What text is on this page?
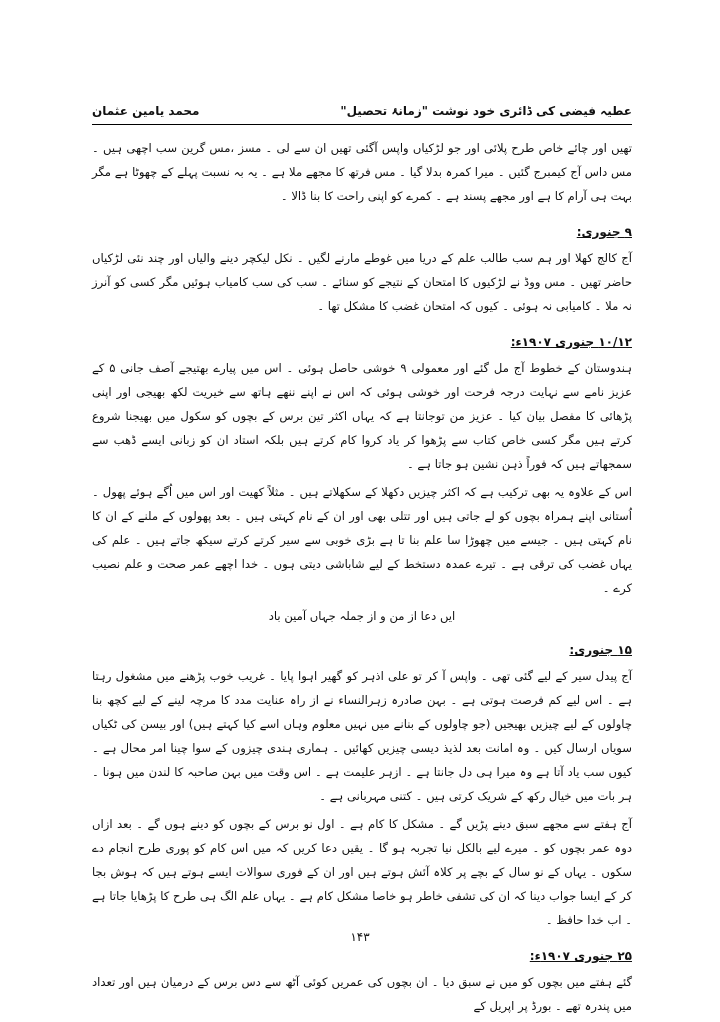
عطیہ فیضی کی ڈائری خود نوشت "زمانۂ تحصیل"
محمد یامین عثمان

تھیں اور چائے خاص طرح پلائی اور جو لڑکیاں واپس آگئی تھیں ان سے لی ۔ مسز ،مس گرین سب اچھی ہیں ۔ مس داس آج کیمبرج گئیں ۔ میرا کمرہ بدلا گیا ۔ مس فرتھ کا مجھے ملا ہے ۔ یہ بہ نسبت پہلے کے چھوٹا ہے مگر بہت ہی آرام کا ہے اور مجھے پسند ہے ۔ کمرے کو اپنی راحت کا بنا ڈالا ۔

۹ جنوری:

آج کالج کھلا اور ہم سب طالب علم کے دریا میں غوطے مارنے لگیں ۔ نکل لیکچر دینے والیاں اور چند نئی لڑکیاں حاضر تھیں ۔ مس ووڈ نے لڑکیوں کا امتحان کے نتیجے کو سنائے ۔ سب کی سب کامیاب ہوئیں مگر کسی کو آنرز نہ ملا ۔ کامیابی نہ ہوئی ۔ کیوں کہ امتحان غضب کا مشکل تھا ۔

۱۰/۱۲ جنوری ۱۹۰۷ء:

ہندوستان کے خطوط آج مل گئے اور معمولی ۹ خوشی حاصل ہوئی ۔ اس میں پیارے بھتیجے آصف جانی ۵ کے عزیز نامے سے نہایت درجہ فرحت اور خوشی ہوئی کہ اس نے اپنے ننھے ہاتھ سے خیریت لکھ بھیجی اور اپنی پڑھائی کا مفصل بیان کیا ۔ عزیز من توجانتا ہے کہ یہاں اکثر تین برس کے بچوں کو سکول میں بھیجنا شروع کرتے ہیں مگر کسی خاص کتاب سے پڑھوا کر یاد کروا کام کرتے ہیں بلکہ استاد ان کو زبانی ایسے ڈھب سے سمجھاتے ہیں کہ فوراً ذہن نشین ہو جاتا ہے ۔

اس کے علاوہ یہ بھی ترکیب ہے کہ اکثر چیزیں دکھلا کے سکھلاتے ہیں ۔ مثلاً کھیت اور اس میں اُگے ہوئے پھول ۔ اُستانی اپنے ہمراہ بچوں کو لے جاتی ہیں اور تتلی بھی اور ان کے نام کہتی ہیں ۔ بعد پھولوں کے ملنے کے ان کا نام کہتی ہیں ۔ جیسے میں چھوڑا سا علم بنا تا ہے بڑی خوبی سے سیر کرتے کرتے سیکھ جاتے ہیں ۔ علم کی یہاں غضب کی ترقی ہے ۔ تیرے عمدہ دستخط کے لیے شاباشی دیتی ہوں ۔ خدا اچھے عمر صحت و علم نصیب کرے ۔

ایں دعا از من و از جملہ جہاں آمین باد
۱۵ جنوری:

آج پیدل سیر کے لیے گئی تھی ۔ واپس آ کر تو علی اذہر کو گھیر اہوا پایا ۔ غریب خوب پڑھنے میں مشغول رہتا ہے ۔ اس لیے کم فرصت ہوتی ہے ۔ بہن صادرہ زہرالنساء نے از راہ عنایت مدد کا مرچہ لینے کے لیے کچھ بنا چاولوں کے لیے چیزیں بھیجیں (جو چاولوں کے بنانے میں نہیں معلوم وہاں اسے کیا کہتے ہیں) اور بیسن کی ٹکیاں سویاں ارسال کیں ۔ وہ امانت بعد لذیذ دیسی چیزیں کھائیں ۔ ہماری ہندی چیزوں کے سوا چینا امر محال ہے ۔ کیوں سب یاد آتا ہے وہ میرا ہی دل جانتا ہے ۔ ازہر علیمت ہے ۔ اس وقت میں بہن صاحبہ کا لندن میں ہونا ۔ ہر بات میں خیال رکھ کے شریک کرتی ہیں ۔ کتنی مہربانی ہے ۔

آج ہفتے سے مجھے سبق دینے پڑیں گے ۔ مشکل کا کام ہے ۔ اول نو برس کے بچوں کو دینے ہوں گے ۔ بعد ازاں دوہ عمر بچوں کو ۔ میرے لیے بالکل نیا تجربہ ہو گا ۔ یقیں دعا کریں کہ میں اس کام کو پوری طرح انجام دے سکوں ۔ یہاں کے نو سال کے بچے پر کلاہ آئش ہوتے ہیں اور ان کے فوری سوالات ایسے ہوتے ہیں کہ ہوش بجا کر کے ایسا جواب دینا کہ ان کی تشفی خاطر ہو خاصا مشکل کام ہے ۔ یہاں علم الگ ہی طرح کا پڑھایا جاتا ہے ۔ اب خدا حافظ ۔

۲۵ جنوری ۱۹۰۷ء:

گئے ہفتے میں بچوں کو میں نے سبق دیا ۔ ان بچوں کی عمریں کوئی آٹھ سے دس برس کے درمیان ہیں اور تعداد میں پندرہ تھے ۔ بورڈ پر اپریل کے

۱۴۳
